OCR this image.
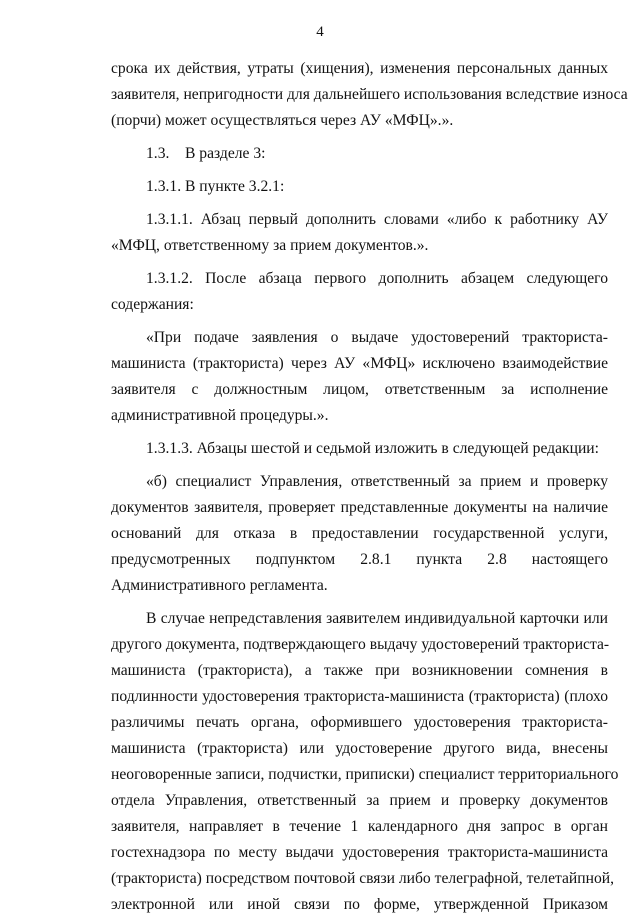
4
срока их действия, утраты (хищения), изменения персональных данных
заявителя, непригодности для дальнейшего использования вследствие износа
(порчи) может осуществляться через АУ «МФЦ».».
1.3.    В разделе 3:
1.3.1. В пункте 3.2.1:
1.3.1.1. Абзац первый дополнить словами «либо к работнику АУ
«МФЦ, ответственному за прием документов.».
1.3.1.2. После абзаца первого дополнить абзацем следующего
содержания:
«При подаче заявления о выдаче удостоверений тракториста-
машиниста (тракториста) через АУ «МФЦ» исключено взаимодействие
заявителя с должностным лицом, ответственным за исполнение
административной процедуры.».
1.3.1.3. Абзацы шестой и седьмой изложить в следующей редакции:
«б) специалист Управления, ответственный за прием и проверку
документов заявителя, проверяет представленные документы на наличие
оснований для отказа в предоставлении государственной услуги,
предусмотренных подпунктом 2.8.1 пункта 2.8 настоящего
Административного регламента.
В случае непредставления заявителем индивидуальной карточки или
другого документа, подтверждающего выдачу удостоверений тракториста-
машиниста (тракториста), а также при возникновении сомнения в
подлинности удостоверения тракториста-машиниста (тракториста) (плохо
различимы печать органа, оформившего удостоверения тракториста-
машиниста (тракториста) или удостоверение другого вида, внесены
неоговоренные записи, подчистки, приписки) специалист территориального
отдела Управления, ответственный за прием и проверку документов
заявителя, направляет в течение 1 календарного дня запрос в орган
гостехнадзора по месту выдачи удостоверения тракториста-машиниста
(тракториста) посредством почтовой связи либо телеграфной, телетайпной,
электронной или иной связи по форме, утвержденной Приказом
